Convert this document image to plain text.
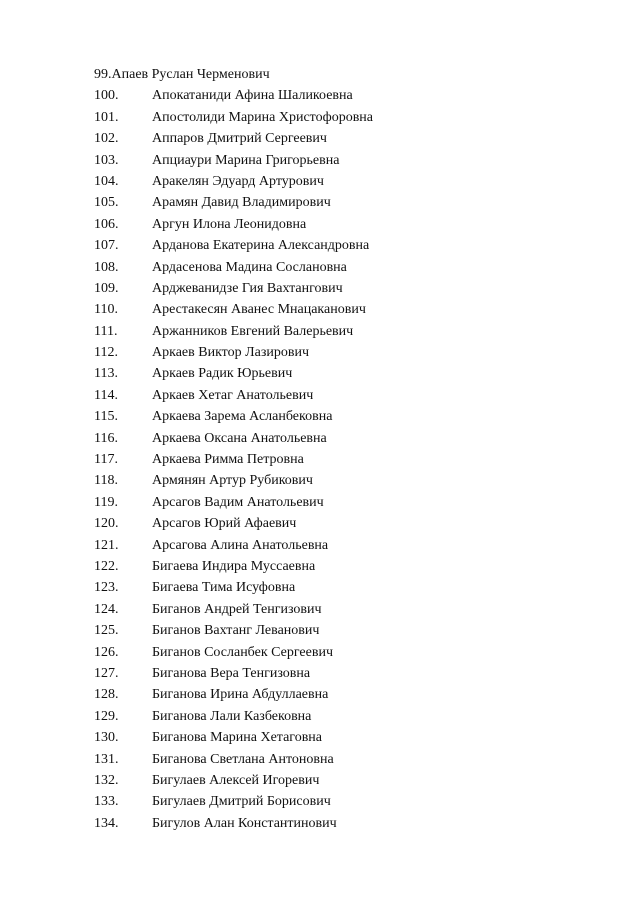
99.Апаев Руслан Черменович
100.	Апокатаниди Афина Шаликоевна
101.	Апостолиди Марина Христофоровна
102.	Аппаров Дмитрий Сергеевич
103.	Апциаури Марина Григорьевна
104.	Аракелян Эдуард Артурович
105.	Арамян Давид Владимирович
106.	Аргун Илона Леонидовна
107.	Арданова Екатерина Александровна
108.	Ардасенова Мадина Сослановна
109.	Арджеванидзе Гия Вахтангович
110.	Арестакесян Аванес Мнацаканович
111.	Аржанников Евгений Валерьевич
112.	Аркаев Виктор Лазирович
113.	Аркаев Радик Юрьевич
114.	Аркаев Хетаг Анатольевич
115.	Аркаева Зарема Асланбековна
116.	Аркаева Оксана Анатольевна
117.	Аркаева Римма Петровна
118.	Армянян Артур Рубикович
119.	Арсагов Вадим Анатольевич
120.	Арсагов Юрий Афаевич
121.	Арсагова Алина Анатольевна
122.	Бигаева Индира Муссаевна
123.	Бигаева Тима Исуфовна
124.	Биганов Андрей Тенгизович
125.	Биганов Вахтанг Леванович
126.	Биганов Сосланбек Сергеевич
127.	Биганова Вера Тенгизовна
128.	Биганова Ирина Абдуллаевна
129.	Биганова Лали Казбековна
130.	Биганова Марина Хетаговна
131.	Биганова Светлана Антоновна
132.	Бигулаев Алексей Игоревич
133.	Бигулаев Дмитрий Борисович
134.	Бигулов Алан Константинович
